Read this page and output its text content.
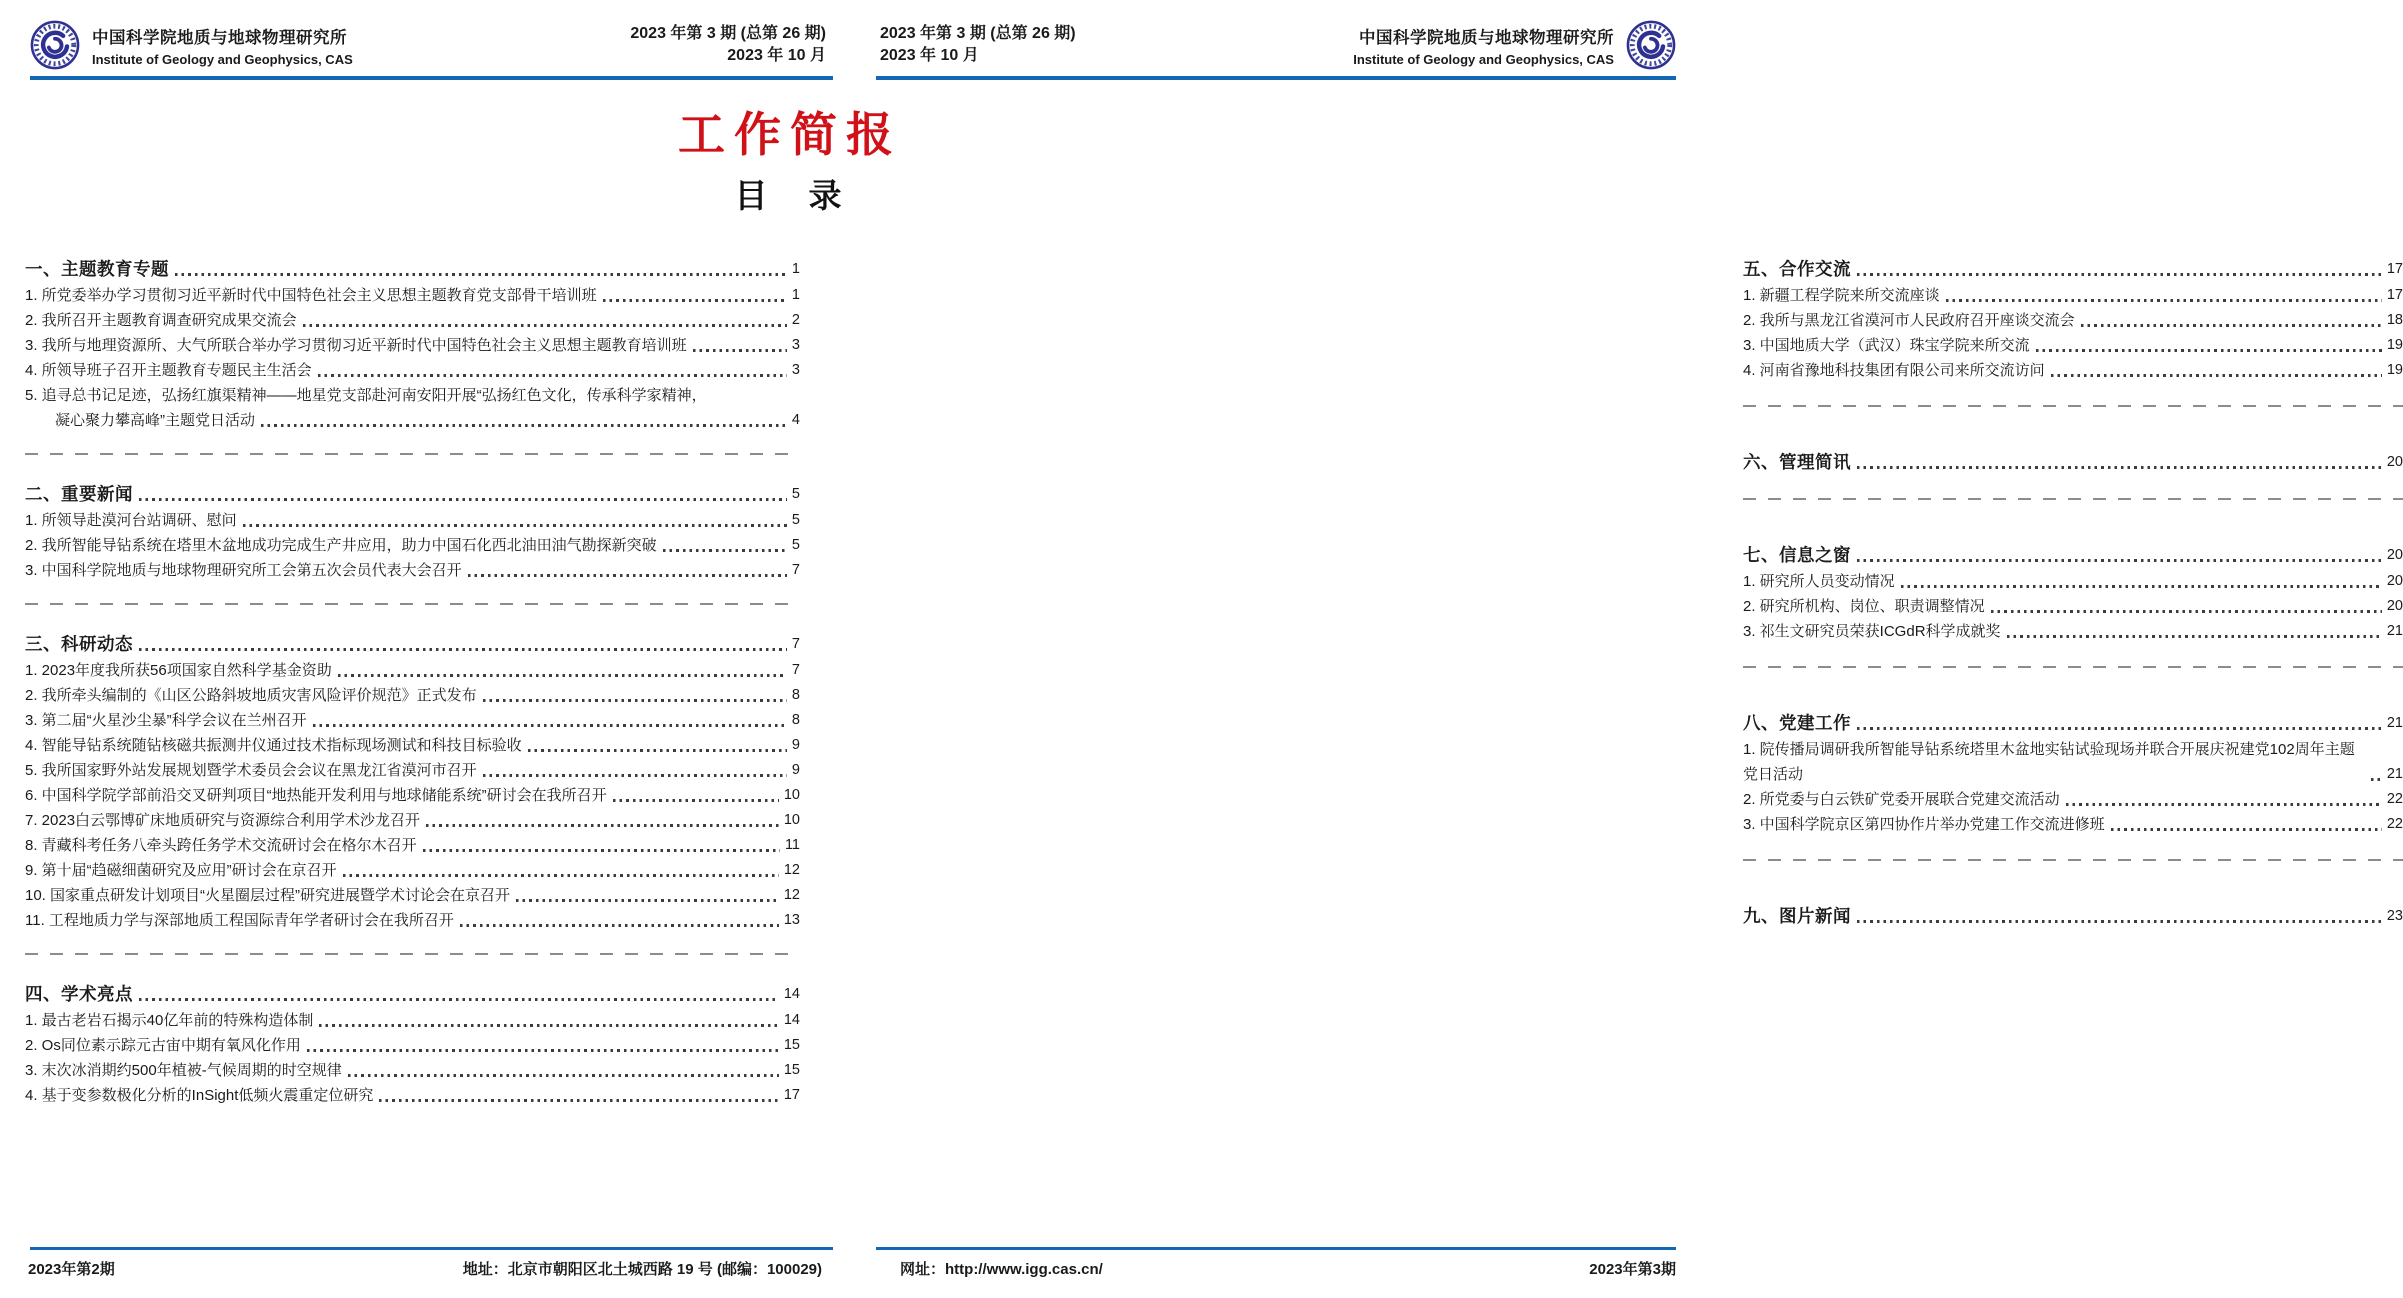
中国科学院地质与地球物理研究所
Institute of Geology and Geophysics, CAS
2023 年第 3 期 (总第 26 期)
2023 年 10 月
一、主题教育专题	1
1. 所党委举办学习贯彻习近平新时代中国特色社会主义思想主题教育党支部骨干培训班	1
2. 我所召开主题教育调查研究成果交流会	2
3. 我所与地理资源所、大气所联合举办学习贯彻习近平新时代中国特色社会主义思想主题教育培训班	3
4. 所领导班子召开主题教育专题民主生活会	3
5. 追寻总书记足迹，弘扬红旗渠精神——地星党支部赴河南安阳开展“弘扬红色文化，传承科学家精神，
凝心聚力攀高峰”主题党日活动	4
二、重要新闻	5
1. 所领导赴漠河台站调研、慰问	5
2. 我所智能导钻系统在塔里木盆地成功完成生产井应用，助力中国石化西北油田油气勘探新突破	5
3. 中国科学院地质与地球物理研究所工会第五次会员代表大会召开	7
三、科研动态	7
1. 2023年度我所获56项国家自然科学基金资助	7
2. 我所牵头编制的《山区公路斜坡地质灾害风险评价规范》正式发布	8
3. 第二届“火星沙尘暴”科学会议在兰州召开	8
4. 智能导钻系统随钻核磁共振测井仪通过技术指标现场测试和科技目标验收	9
5. 我所国家野外站发展规划暨学术委员会会议在黑龙江省漠河市召开	9
6. 中国科学院学部前沿交叉研判项目“地热能开发利用与地球储能系统”研讨会在我所召开	10
7. 2023白云鄂博矿床地质研究与资源综合利用学术沙龙召开	10
8. 青藏科考任务八牵头跨任务学术交流研讨会在格尔木召开	11
9. 第十届“趋磁细菌研究及应用”研讨会在京召开	12
10. 国家重点研发计划项目“火星圈层过程”研究进展暨学术讨论会在京召开	12
11. 工程地质力学与深部地质工程国际青年学者研讨会在我所召开	13
四、学术亮点	14
1. 最古老岩石揭示40亿年前的特殊构造体制	14
2. Os同位素示踪元古宙中期有氧风化作用	15
3. 末次冰消期约500年植被-气候周期的时空规律	15
4. 基于变参数极化分析的InSight低频火震重定位研究	17
2023年第2期	地址：北京市朝阳区北土城西路 19 号 (邮编：100029)
2023 年第 3 期 (总第 26 期)
2023 年 10 月
中国科学院地质与地球物理研究所
Institute of Geology and Geophysics, CAS
五、合作交流	17
1. 新疆工程学院来所交流座谈	17
2. 我所与黑龙江省漠河市人民政府召开座谈交流会	18
3. 中国地质大学（武汉）珠宝学院来所交流	19
4. 河南省豫地科技集团有限公司来所交流访问	19
六、管理简讯	20
七、信息之窗	20
1. 研究所人员变动情况	20
2. 研究所机构、岗位、职责调整情况	20
3. 祁生文研究员荣获ICGdR科学成就奖	21
八、党建工作	21
1. 院传播局调研我所智能导钻系统塔里木盆地实钻试验现场并联合开展庆祝建党102周年主题党日活动	21
2. 所党委与白云铁矿党委开展联合党建交流活动	22
3. 中国科学院京区第四协作片举办党建工作交流进修班	22
九、图片新闻	23
网址：http://www.igg.cas.cn/	2023年第3期
工作简报
目　录
